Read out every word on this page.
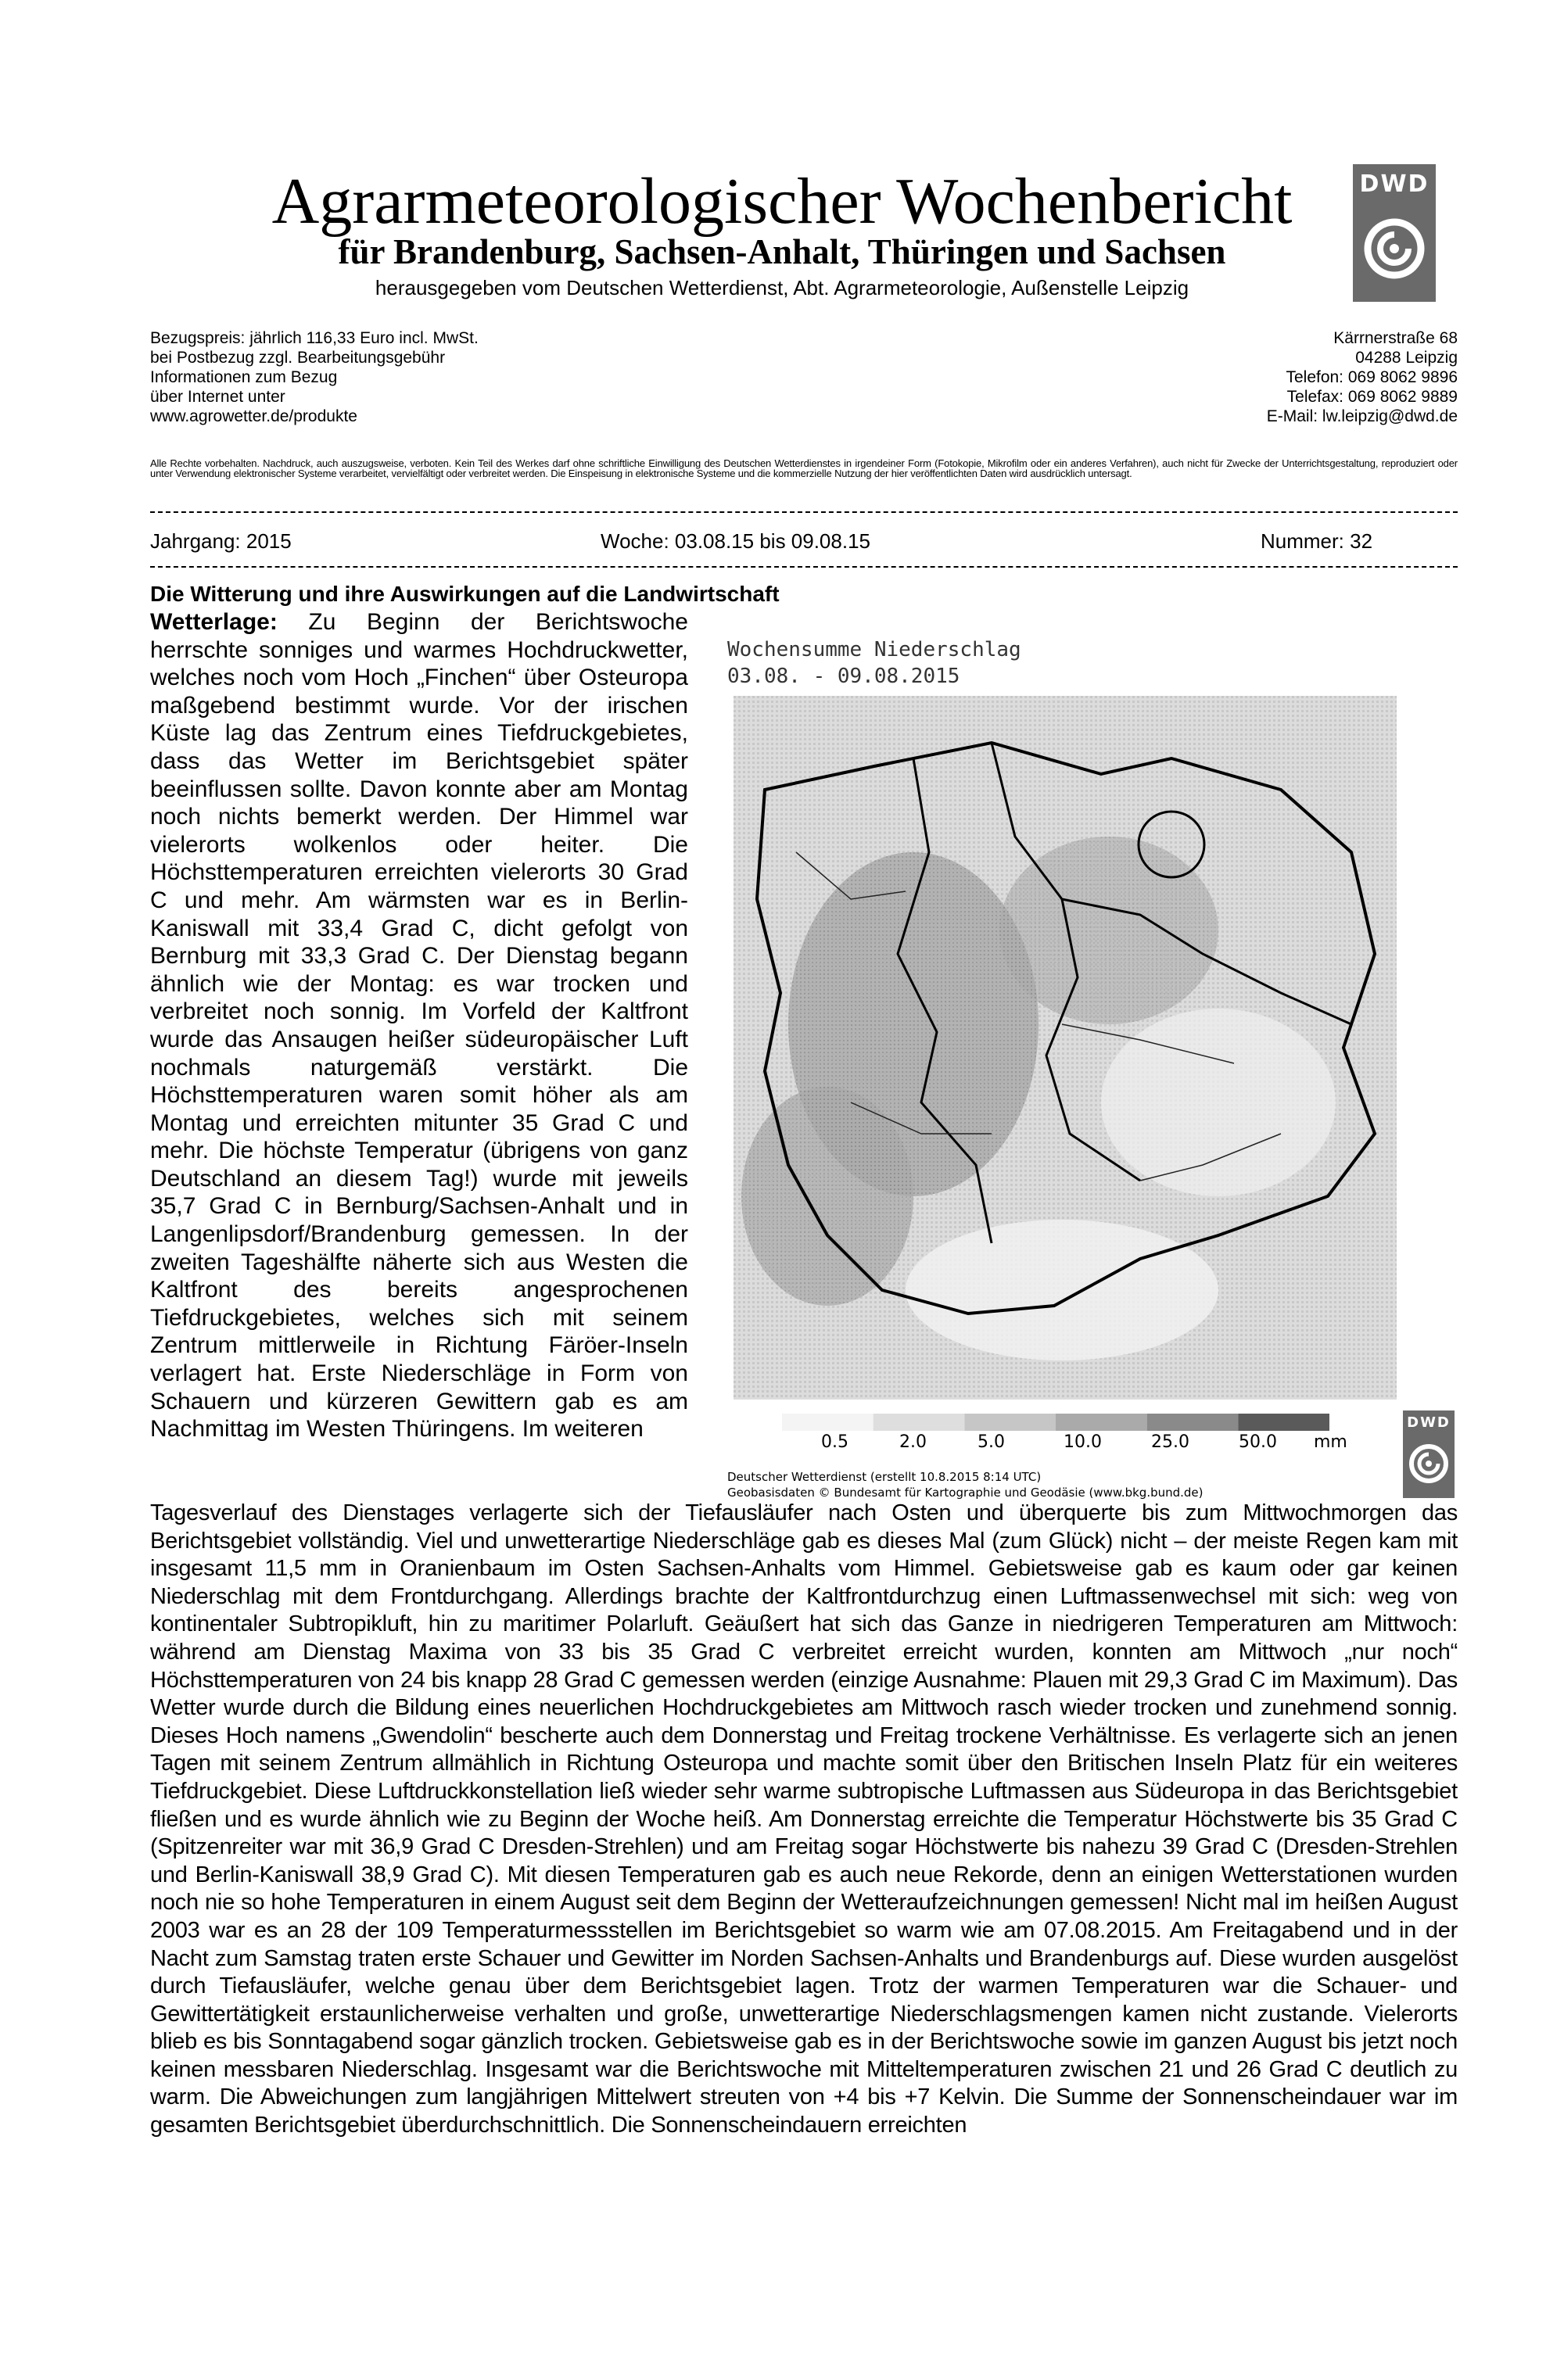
Agrarmeteorologischer Wochenbericht
für Brandenburg, Sachsen-Anhalt, Thüringen und Sachsen
herausgegeben vom Deutschen Wetterdienst, Abt. Agrarmeteorologie, Außenstelle Leipzig
DWD
Bezugspreis: jährlich 116,33 Euro incl. MwSt.
bei Postbezug zzgl. Bearbeitungsgebühr
Informationen zum Bezug
über Internet unter
www.agrowetter.de/produkte
Kärrnerstraße 68
04288 Leipzig
Telefon: 069 8062 9896
Telefax: 069 8062 9889
E-Mail: lw.leipzig@dwd.de
Alle Rechte vorbehalten. Nachdruck, auch auszugsweise, verboten. Kein Teil des Werkes darf ohne schriftliche Einwilligung des Deutschen Wetterdienstes in irgendeiner Form (Fotokopie, Mikrofilm oder ein anderes Verfahren), auch nicht für Zwecke der Unterrichtsgestaltung, reproduziert oder unter Verwendung elektronischer Systeme verarbeitet, vervielfältigt oder verbreitet werden. Die Einspeisung in elektronische Systeme und die kommerzielle Nutzung der hier veröffentlichten Daten wird ausdrücklich untersagt.
Jahrgang: 2015	Woche: 03.08.15 bis 09.08.15	Nummer: 32
Die Witterung und ihre Auswirkungen auf die Landwirtschaft
Wetterlage: Zu Beginn der Berichtswoche herrschte sonniges und warmes Hochdruckwetter, welches noch vom Hoch „Finchen“ über Osteuropa maßgebend bestimmt wurde. Vor der irischen Küste lag das Zentrum eines Tiefdruckgebietes, dass das Wetter im Berichtsgebiet später beeinflussen sollte. Davon konnte aber am Montag noch nichts bemerkt werden. Der Himmel war vielerorts wolkenlos oder heiter. Die Höchsttemperaturen erreichten vielerorts 30 Grad C und mehr. Am wärmsten war es in Berlin-Kaniswall mit 33,4 Grad C, dicht gefolgt von Bernburg mit 33,3 Grad C. Der Dienstag begann ähnlich wie der Montag: es war trocken und verbreitet noch sonnig. Im Vorfeld der Kaltfront wurde das Ansaugen heißer südeuropäischer Luft nochmals naturgemäß verstärkt. Die Höchsttemperaturen waren somit höher als am Montag und erreichten mitunter 35 Grad C und mehr. Die höchste Temperatur (übrigens von ganz Deutschland an diesem Tag!) wurde mit jeweils 35,7 Grad C in Bernburg/Sachsen-Anhalt und in Langenlipsdorf/Brandenburg gemessen. In der zweiten Tageshälfte näherte sich aus Westen die Kaltfront des bereits angesprochenen Tiefdruckgebietes, welches sich mit seinem Zentrum mittlerweile in Richtung Färöer-Inseln verlagert hat. Erste Niederschläge in Form von Schauern und kürzeren Gewittern gab es am Nachmittag im Westen Thüringens. Im weiteren
Wochensumme Niederschlag
03.08. - 09.08.2015
0.5	2.0	5.0	10.0	25.0	50.0 mm
Deutscher Wetterdienst (erstellt 10.8.2015 8:14 UTC)
Geobasisdaten © Bundesamt für Kartographie und Geodäsie (www.bkg.bund.de)
DWD
Tagesverlauf des Dienstages verlagerte sich der Tiefausläufer nach Osten und überquerte bis zum Mittwochmorgen das Berichtsgebiet vollständig. Viel und unwetterartige Niederschläge gab es dieses Mal (zum Glück) nicht – der meiste Regen kam mit insgesamt 11,5 mm in Oranienbaum im Osten Sachsen-Anhalts vom Himmel. Gebietsweise gab es kaum oder gar keinen Niederschlag mit dem Frontdurchgang. Allerdings brachte der Kaltfrontdurchzug einen Luftmassenwechsel mit sich: weg von kontinentaler Subtropikluft, hin zu maritimer Polarluft. Geäußert hat sich das Ganze in niedrigeren Temperaturen am Mittwoch: während am Dienstag Maxima von 33 bis 35 Grad C verbreitet erreicht wurden, konnten am Mittwoch „nur noch“ Höchsttemperaturen von 24 bis knapp 28 Grad C gemessen werden (einzige Ausnahme: Plauen mit 29,3 Grad C im Maximum). Das Wetter wurde durch die Bildung eines neuerlichen Hochdruckgebietes am Mittwoch rasch wieder trocken und zunehmend sonnig. Dieses Hoch namens „Gwendolin“ bescherte auch dem Donnerstag und Freitag trockene Verhältnisse. Es verlagerte sich an jenen Tagen mit seinem Zentrum allmählich in Richtung Osteuropa und machte somit über den Britischen Inseln Platz für ein weiteres Tiefdruckgebiet. Diese Luftdruckkonstellation ließ wieder sehr warme subtropische Luftmassen aus Südeuropa in das Berichtsgebiet fließen und es wurde ähnlich wie zu Beginn der Woche heiß. Am Donnerstag erreichte die Temperatur Höchstwerte bis 35 Grad C (Spitzenreiter war mit 36,9 Grad C Dresden-Strehlen) und am Freitag sogar Höchstwerte bis nahezu 39 Grad C (Dresden-Strehlen und Berlin-Kaniswall 38,9 Grad C). Mit diesen Temperaturen gab es auch neue Rekorde, denn an einigen Wetterstationen wurden noch nie so hohe Temperaturen in einem August seit dem Beginn der Wetteraufzeichnungen gemessen! Nicht mal im heißen August 2003 war es an 28 der 109 Temperaturmessstellen im Berichtsgebiet so warm wie am 07.08.2015. Am Freitagabend und in der Nacht zum Samstag traten erste Schauer und Gewitter im Norden Sachsen-Anhalts und Brandenburgs auf. Diese wurden ausgelöst durch Tiefausläufer, welche genau über dem Berichtsgebiet lagen. Trotz der warmen Temperaturen war die Schauer- und Gewittertätigkeit erstaunlicherweise verhalten und große, unwetterartige Niederschlagsmengen kamen nicht zustande. Vielerorts blieb es bis Sonntagabend sogar gänzlich trocken. Gebietsweise gab es in der Berichtswoche sowie im ganzen August bis jetzt noch keinen messbaren Niederschlag. Insgesamt war die Berichtswoche mit Mitteltemperaturen zwischen 21 und 26 Grad C deutlich zu warm. Die Abweichungen zum langjährigen Mittelwert streuten von +4 bis +7 Kelvin. Die Summe der Sonnenscheindauer war im gesamten Berichtsgebiet überdurchschnittlich. Die Sonnenscheindauern erreichten
